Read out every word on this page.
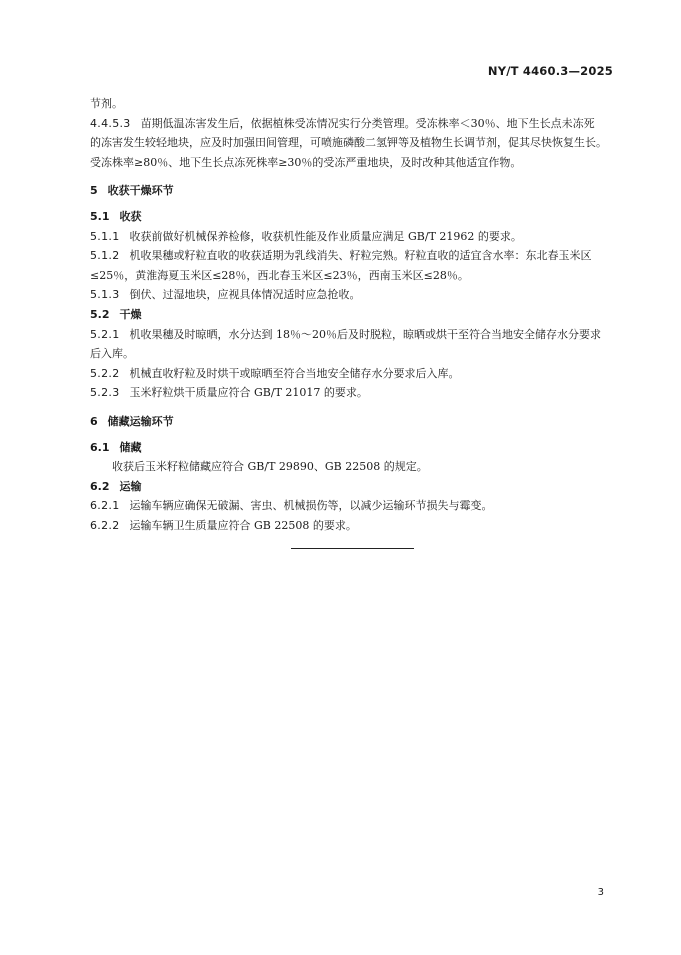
NY/T 4460.3—2025
节剂。
4.4.5.3 苗期低温冻害发生后，依据植株受冻情况实行分类管理。受冻株率＜30％、地下生长点未冻死
的冻害发生较轻地块，应及时加强田间管理，可喷施磷酸二氢钾等及植物生长调节剂，促其尽快恢复生长。
受冻株率≥80％、地下生长点冻死株率≥30％的受冻严重地块，及时改种其他适宜作物。
5 收获干燥环节
5.1 收获
5.1.1 收获前做好机械保养检修，收获机性能及作业质量应满足 GB/T 21962 的要求。
5.1.2 机收果穗或籽粒直收的收获适期为乳线消失、籽粒完熟。籽粒直收的适宜含水率：东北春玉米区
≤25％，黄淮海夏玉米区≤28％，西北春玉米区≤23％，西南玉米区≤28％。
5.1.3 倒伏、过湿地块，应视具体情况适时应急抢收。
5.2 干燥
5.2.1 机收果穗及时晾晒，水分达到 18％～20％后及时脱粒，晾晒或烘干至符合当地安全储存水分要求
后入库。
5.2.2 机械直收籽粒及时烘干或晾晒至符合当地安全储存水分要求后入库。
5.2.3 玉米籽粒烘干质量应符合 GB/T 21017 的要求。
6 储藏运输环节
6.1 储藏
收获后玉米籽粒储藏应符合 GB/T 29890、GB 22508 的规定。
6.2 运输
6.2.1 运输车辆应确保无破漏、害虫、机械损伤等，以减少运输环节损失与霉变。
6.2.2 运输车辆卫生质量应符合 GB 22508 的要求。
3
